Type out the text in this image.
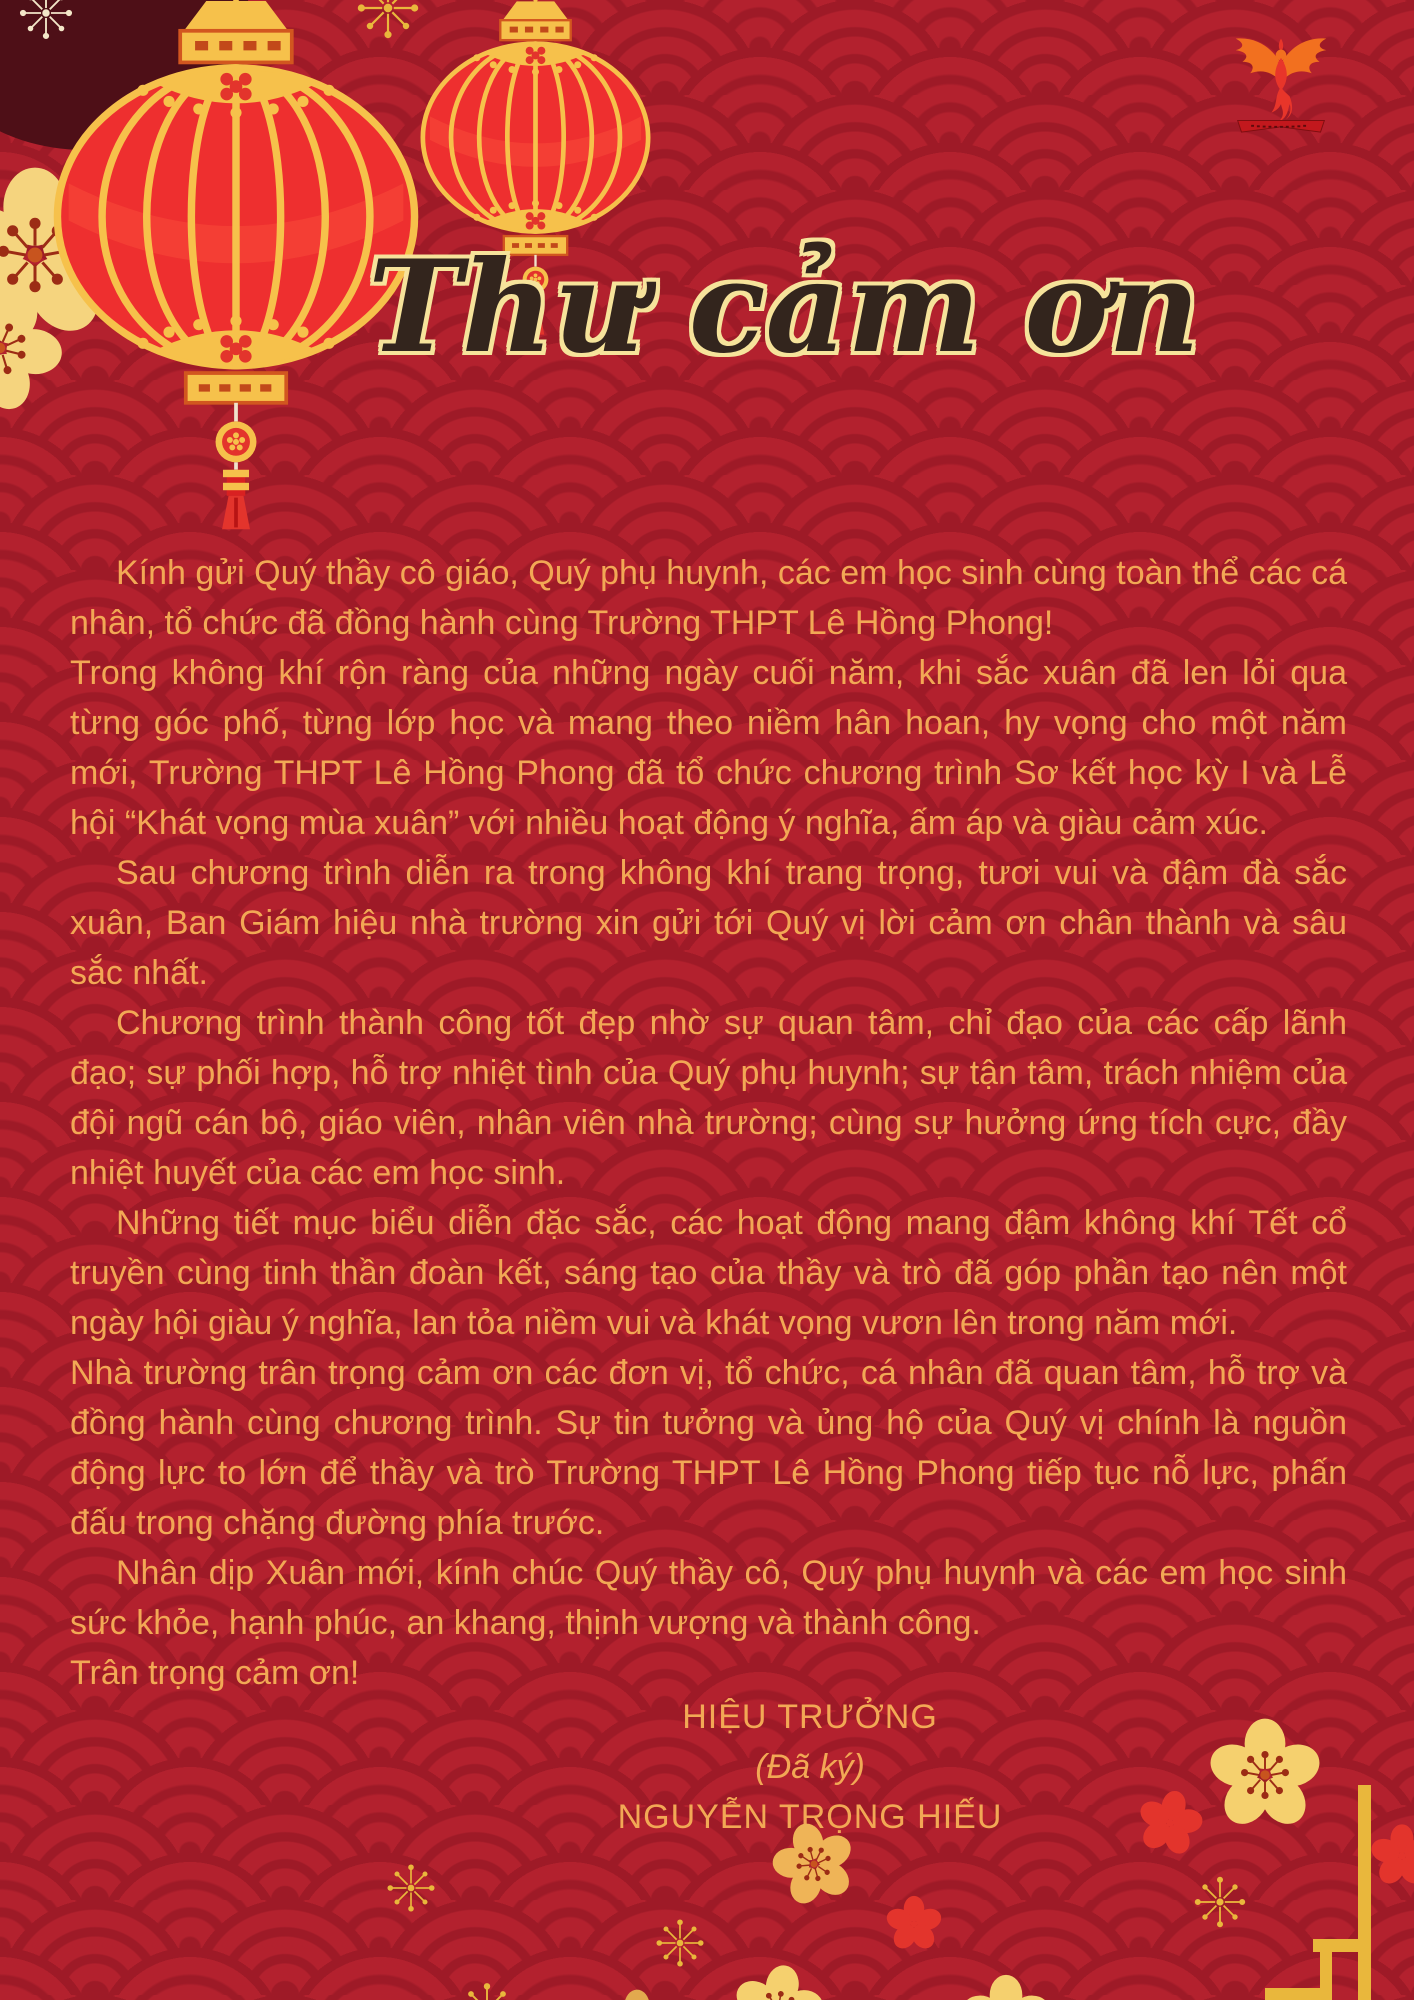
Thư cảm ơn

Kính gửi Quý thầy cô giáo, Quý phụ huynh, các em học sinh cùng toàn thể các cá nhân, tổ chức đã đồng hành cùng Trường THPT Lê Hồng Phong!

Trong không khí rộn ràng của những ngày cuối năm, khi sắc xuân đã len lỏi qua từng góc phố, từng lớp học và mang theo niềm hân hoan, hy vọng cho một năm mới, Trường THPT Lê Hồng Phong đã tổ chức chương trình Sơ kết học kỳ I và Lễ hội “Khát vọng mùa xuân” với nhiều hoạt động ý nghĩa, ấm áp và giàu cảm xúc.

Sau chương trình diễn ra trong không khí trang trọng, tươi vui và đậm đà sắc xuân, Ban Giám hiệu nhà trường xin gửi tới Quý vị lời cảm ơn chân thành và sâu sắc nhất.

Chương trình thành công tốt đẹp nhờ sự quan tâm, chỉ đạo của các cấp lãnh đạo; sự phối hợp, hỗ trợ nhiệt tình của Quý phụ huynh; sự tận tâm, trách nhiệm của đội ngũ cán bộ, giáo viên, nhân viên nhà trường; cùng sự hưởng ứng tích cực, đầy nhiệt huyết của các em học sinh.

Những tiết mục biểu diễn đặc sắc, các hoạt động mang đậm không khí Tết cổ truyền cùng tinh thần đoàn kết, sáng tạo của thầy và trò đã góp phần tạo nên một ngày hội giàu ý nghĩa, lan tỏa niềm vui và khát vọng vươn lên trong năm mới.

Nhà trường trân trọng cảm ơn các đơn vị, tổ chức, cá nhân đã quan tâm, hỗ trợ và đồng hành cùng chương trình. Sự tin tưởng và ủng hộ của Quý vị chính là nguồn động lực to lớn để thầy và trò Trường THPT Lê Hồng Phong tiếp tục nỗ lực, phấn đấu trong chặng đường phía trước.

Nhân dịp Xuân mới, kính chúc Quý thầy cô, Quý phụ huynh và các em học sinh sức khỏe, hạnh phúc, an khang, thịnh vượng và thành công.

Trân trọng cảm ơn!

HIỆU TRƯỞNG
(Đã ký)
NGUYỄN TRỌNG HIẾU
